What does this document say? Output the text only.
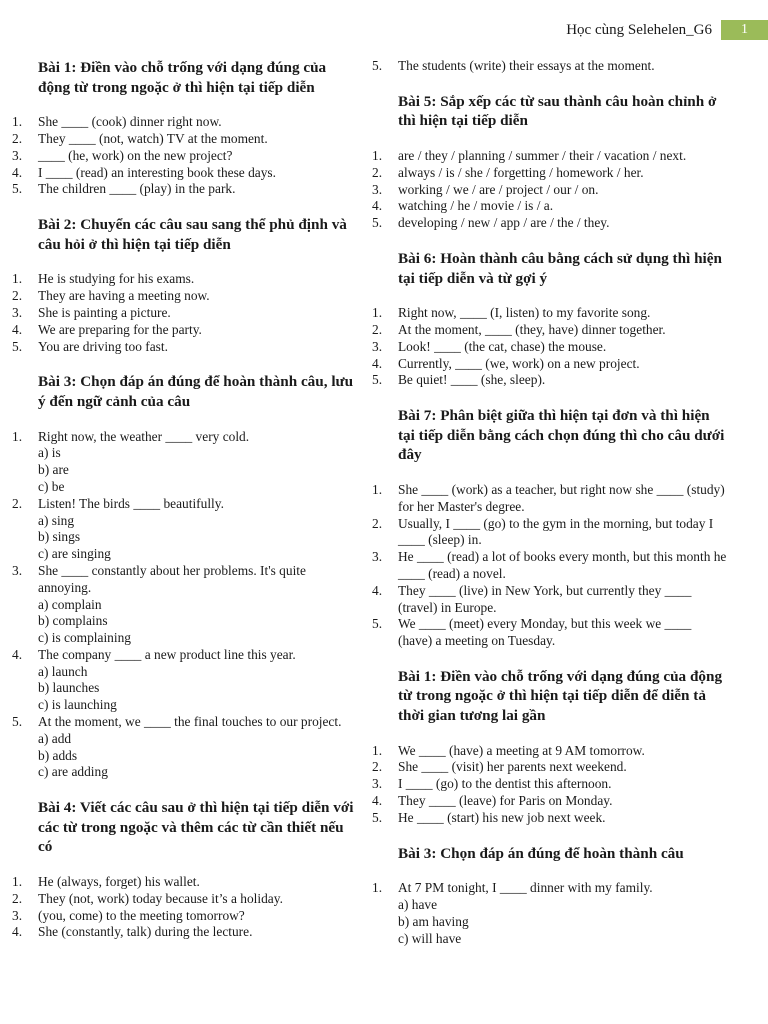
Học cùng Selehelen_G6	1
Bài 1: Điền vào chỗ trống với dạng đúng của động từ trong ngoặc ở thì hiện tại tiếp diễn
1.	She ____ (cook) dinner right now.
2.	They ____ (not, watch) TV at the moment.
3.	____ (he, work) on the new project?
4.	I ____ (read) an interesting book these days.
5.	The children ____ (play) in the park.
Bài 2: Chuyển các câu sau sang thể phủ định và câu hỏi ở thì hiện tại tiếp diễn
1.	He is studying for his exams.
2.	They are having a meeting now.
3.	She is painting a picture.
4.	We are preparing for the party.
5.	You are driving too fast.
Bài 3: Chọn đáp án đúng để hoàn thành câu, lưu ý đến ngữ cảnh của câu
1.	Right now, the weather ____ very cold.
a) is
b) are
c) be
2.	Listen! The birds ____ beautifully.
a) sing
b) sings
c) are singing
3.	She ____ constantly about her problems. It's quite annoying.
a) complain
b) complains
c) is complaining
4.	The company ____ a new product line this year.
a) launch
b) launches
c) is launching
5.	At the moment, we ____ the final touches to our project.
a) add
b) adds
c) are adding
Bài 4: Viết các câu sau ở thì hiện tại tiếp diễn với các từ trong ngoặc và thêm các từ cần thiết nếu có
1.	He (always, forget) his wallet.
2.	They (not, work) today because it’s a holiday.
3.	(you, come) to the meeting tomorrow?
4.	She (constantly, talk) during the lecture.
5.	The students (write) their essays at the moment.
Bài 5: Sắp xếp các từ sau thành câu hoàn chỉnh ở thì hiện tại tiếp diễn
1.	are / they / planning / summer / their / vacation / next.
2.	always / is / she / forgetting / homework / her.
3.	working / we / are / project / our / on.
4.	watching / he / movie / is / a.
5.	developing / new / app / are / the / they.
Bài 6: Hoàn thành câu bằng cách sử dụng thì hiện tại tiếp diễn và từ gợi ý
1.	Right now, ____ (I, listen) to my favorite song.
2.	At the moment, ____ (they, have) dinner together.
3.	Look! ____ (the cat, chase) the mouse.
4.	Currently, ____ (we, work) on a new project.
5.	Be quiet! ____ (she, sleep).
Bài 7: Phân biệt giữa thì hiện tại đơn và thì hiện tại tiếp diễn bằng cách chọn đúng thì cho câu dưới đây
1.	She ____ (work) as a teacher, but right now she ____ (study) for her Master's degree.
2.	Usually, I ____ (go) to the gym in the morning, but today I ____ (sleep) in.
3.	He ____ (read) a lot of books every month, but this month he ____ (read) a novel.
4.	They ____ (live) in New York, but currently they ____ (travel) in Europe.
5.	We ____ (meet) every Monday, but this week we ____ (have) a meeting on Tuesday.
Bài 1: Điền vào chỗ trống với dạng đúng của động từ trong ngoặc ở thì hiện tại tiếp diễn để diễn tả thời gian tương lai gần
1.	We ____ (have) a meeting at 9 AM tomorrow.
2.	She ____ (visit) her parents next weekend.
3.	I ____ (go) to the dentist this afternoon.
4.	They ____ (leave) for Paris on Monday.
5.	He ____ (start) his new job next week.
Bài 3: Chọn đáp án đúng để hoàn thành câu
1.	At 7 PM tonight, I ____ dinner with my family.
a) have
b) am having
c) will have
